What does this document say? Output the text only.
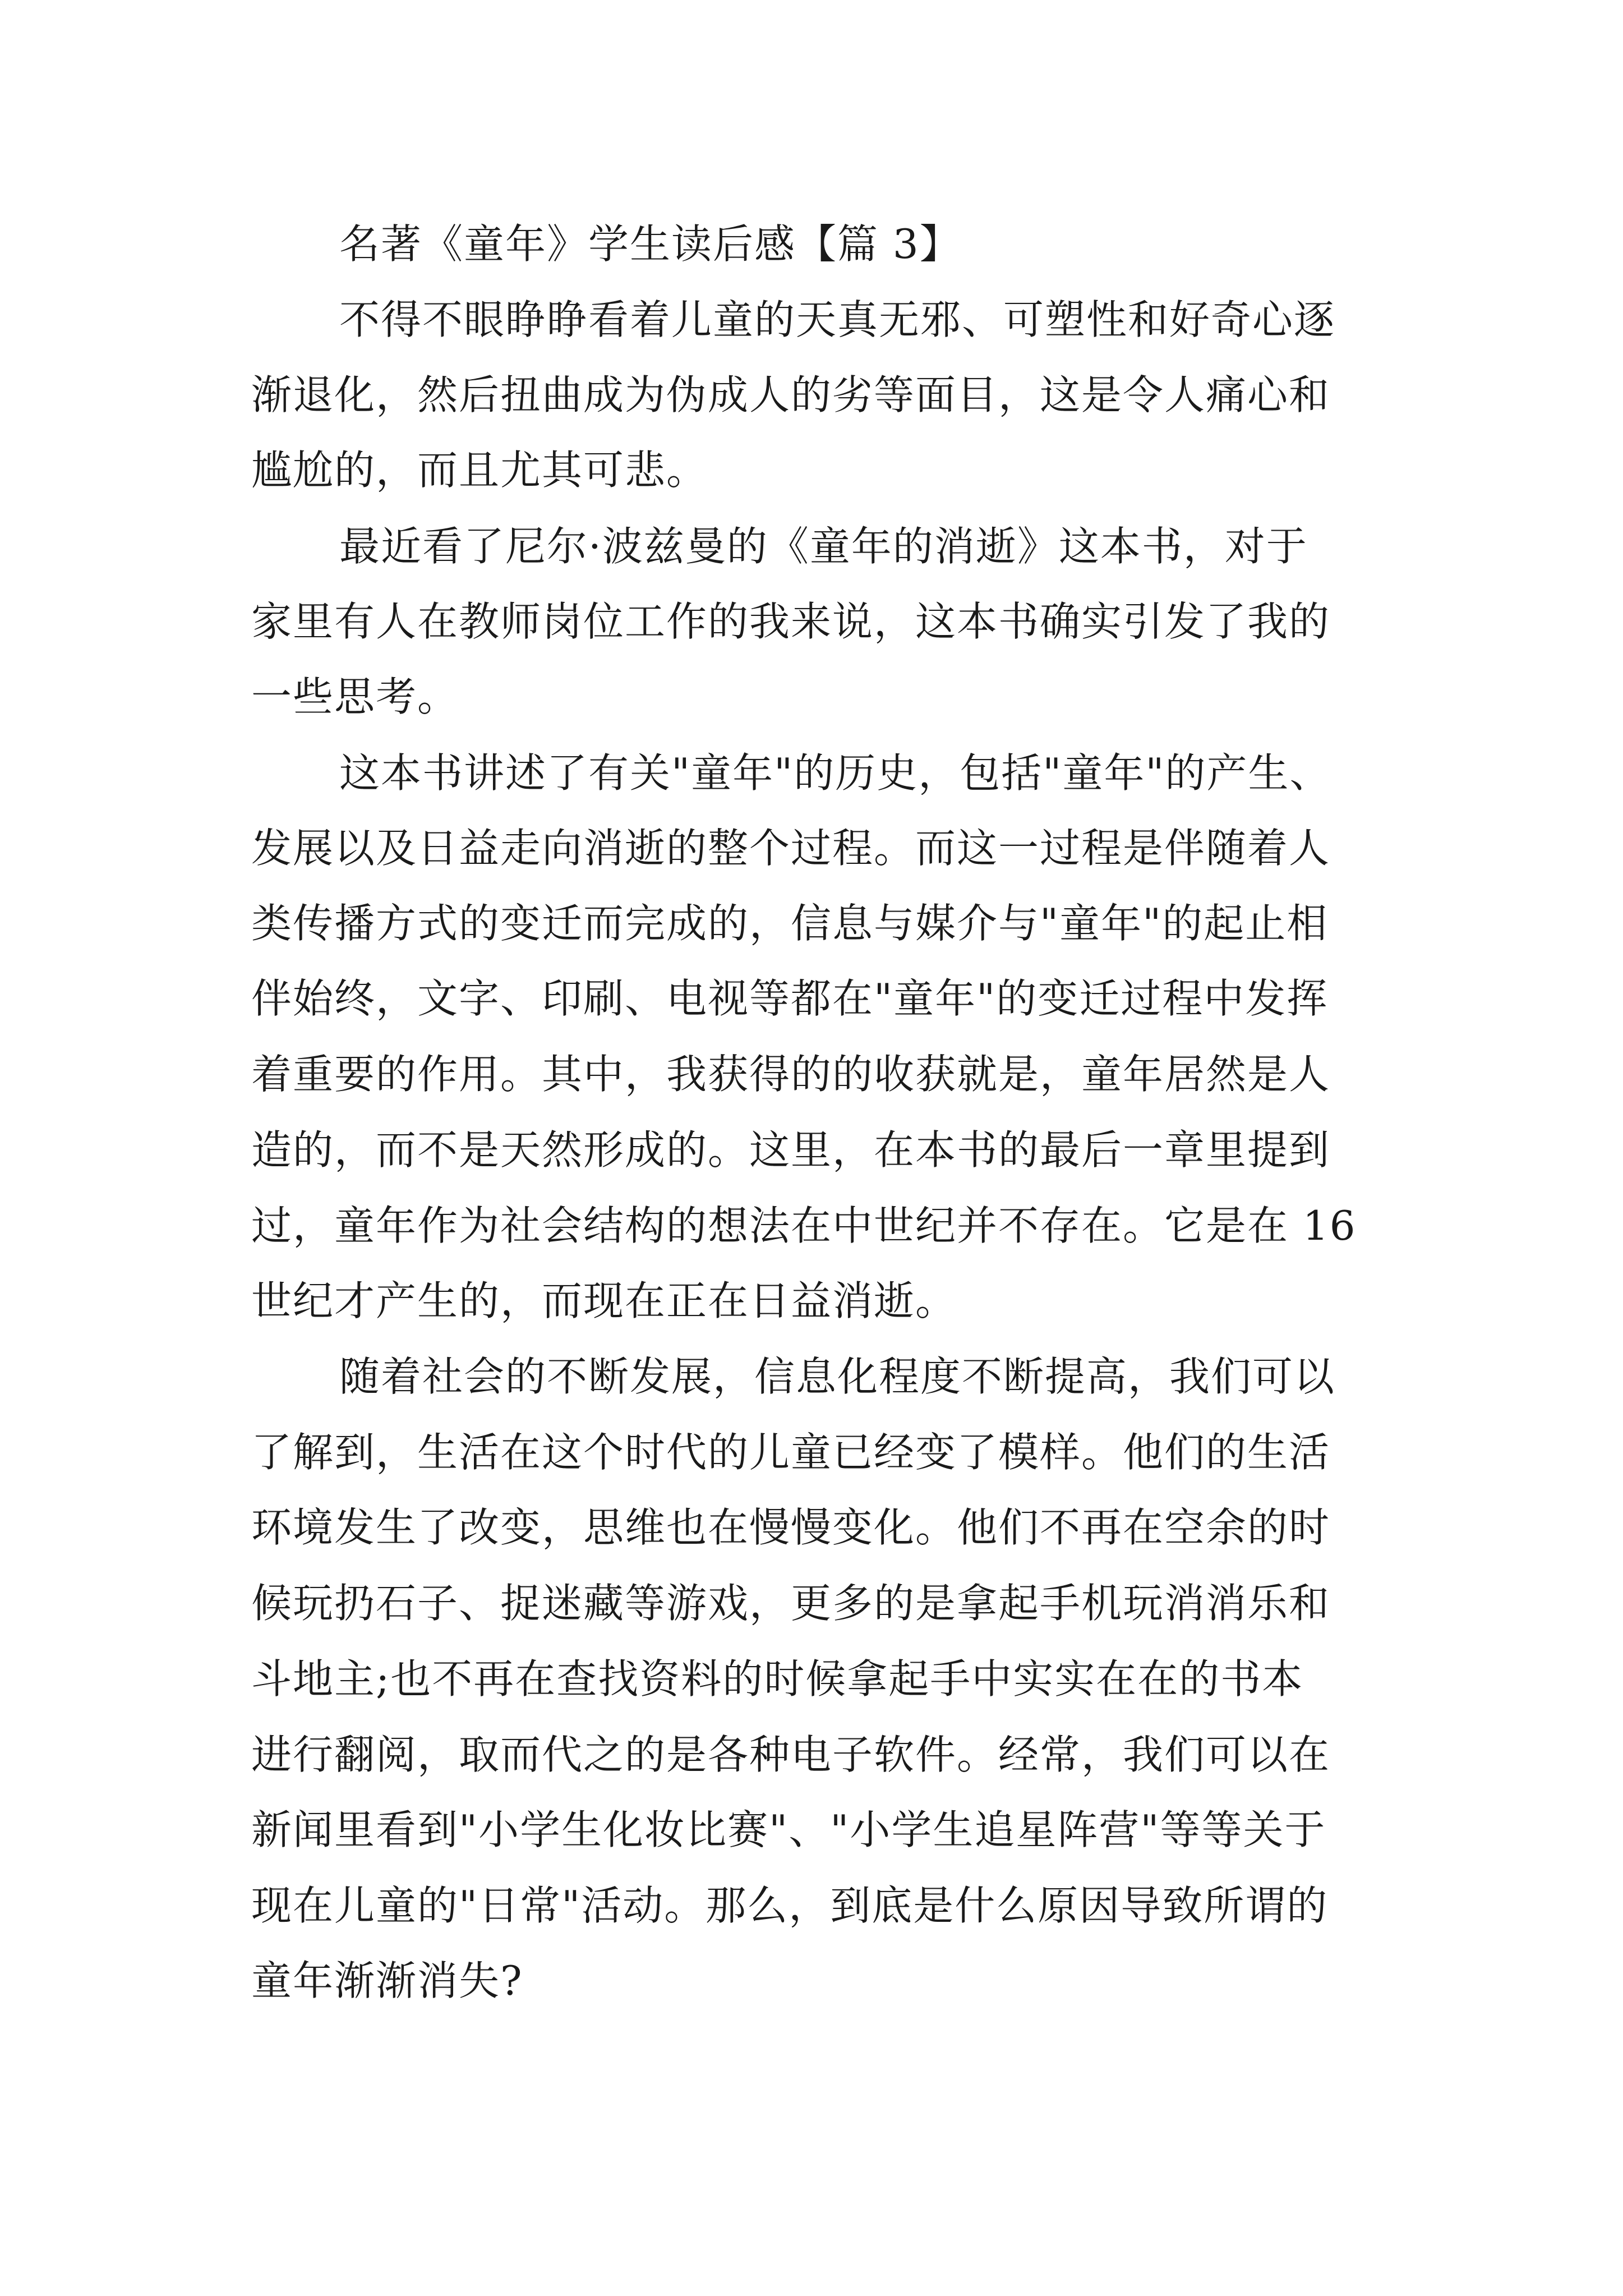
名著《童年》学生读后感【篇 3】
不得不眼睁睁看着儿童的天真无邪、可塑性和好奇心逐
渐退化，然后扭曲成为伪成人的劣等面目，这是令人痛心和
尴尬的，而且尤其可悲。
最近看了尼尔·波兹曼的《童年的消逝》这本书，对于
家里有人在教师岗位工作的我来说，这本书确实引发了我的
一些思考。
这本书讲述了有关"童年"的历史，包括"童年"的产生、
发展以及日益走向消逝的整个过程。而这一过程是伴随着人
类传播方式的变迁而完成的，信息与媒介与"童年"的起止相
伴始终，文字、印刷、电视等都在"童年"的变迁过程中发挥
着重要的作用。其中，我获得的的收获就是，童年居然是人
造的，而不是天然形成的。这里，在本书的最后一章里提到
过，童年作为社会结构的想法在中世纪并不存在。它是在 16
世纪才产生的，而现在正在日益消逝。
随着社会的不断发展，信息化程度不断提高，我们可以
了解到，生活在这个时代的儿童已经变了模样。他们的生活
环境发生了改变，思维也在慢慢变化。他们不再在空余的时
候玩扔石子、捉迷藏等游戏，更多的是拿起手机玩消消乐和
斗地主;也不再在查找资料的时候拿起手中实实在在的书本
进行翻阅，取而代之的是各种电子软件。经常，我们可以在
新闻里看到"小学生化妆比赛"、"小学生追星阵营"等等关于
现在儿童的"日常"活动。那么，到底是什么原因导致所谓的
童年渐渐消失?
